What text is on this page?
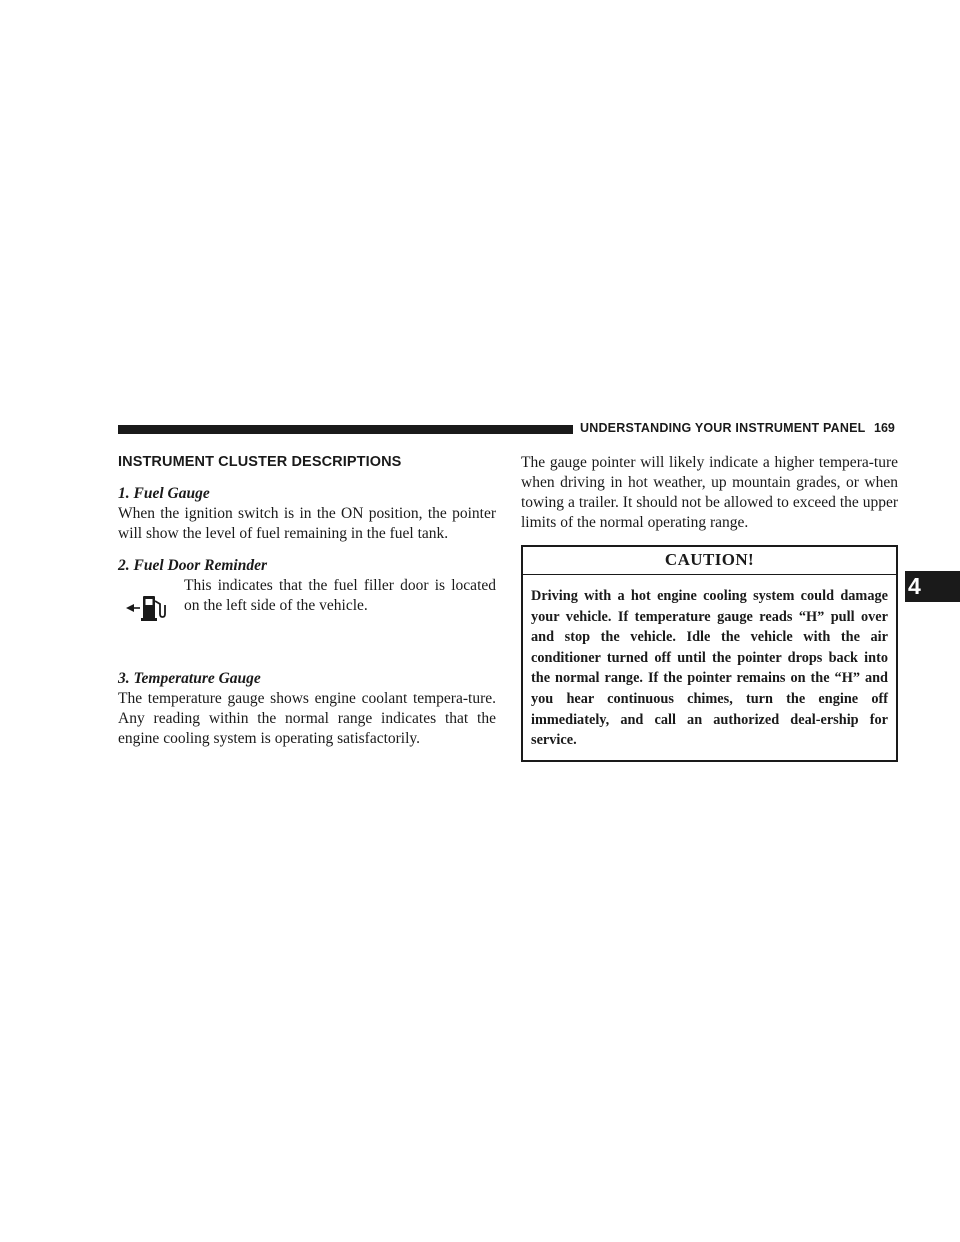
UNDERSTANDING YOUR INSTRUMENT PANEL 169
4
INSTRUMENT CLUSTER DESCRIPTIONS
1. Fuel Gauge

When the ignition switch is in the ON position, the pointer will show the level of fuel remaining in the fuel tank.

2. Fuel Door Reminder
This indicates that the fuel filler door is located on the left side of the vehicle.
3. Temperature Gauge

The temperature gauge shows engine coolant tempera-ture. Any reading within the normal range indicates that the engine cooling system is operating satisfactorily.

The gauge pointer will likely indicate a higher tempera-ture when driving in hot weather, up mountain grades, or when towing a trailer. It should not be allowed to exceed the upper limits of the normal operating range.

CAUTION!
Driving with a hot engine cooling system could damage your vehicle. If temperature gauge reads “H” pull over and stop the vehicle. Idle the vehicle with the air conditioner turned off until the pointer drops back into the normal range. If the pointer remains on the “H” and you hear continuous chimes, turn the engine off immediately, and call an authorized deal-ership for service.
